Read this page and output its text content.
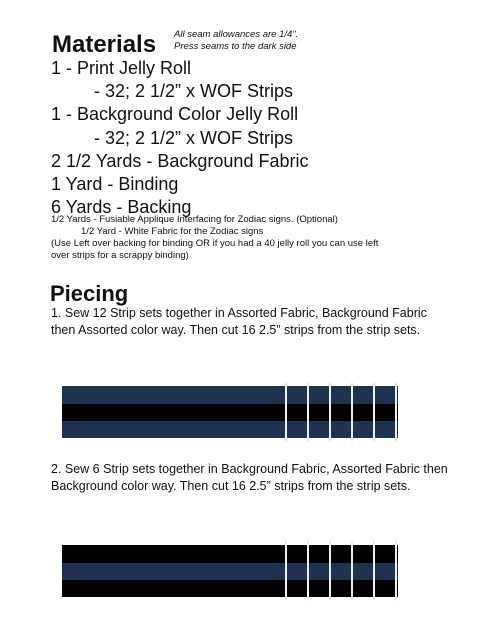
Materials All seam allowances are 1/4".
Press seams to the dark side
1 - Print Jelly Roll
- 32; 2 1/2” x WOF Strips
1 - Background Color Jelly Roll
- 32; 2 1/2” x WOF Strips
2 1/2 Yards - Background Fabric
1 Yard - Binding
6 Yards - Backing
1/2 Yards - Fusiable Applique Interfacing for Zodiac signs. (Optional)
1/2 Yard - White Fabric for the Zodiac signs
(Use Left over backing for binding OR if you had a 40 jelly roll you can use left
over strips for a scrappy binding)
Piecing
1. Sew 12 Strip sets together in Assorted Fabric, Background Fabric then Assorted color way. Then cut 16 2.5” strips from the strip sets.
2. Sew 6 Strip sets together in Background Fabric, Assorted Fabric then Background color way. Then cut 16 2.5” strips from the strip sets.
